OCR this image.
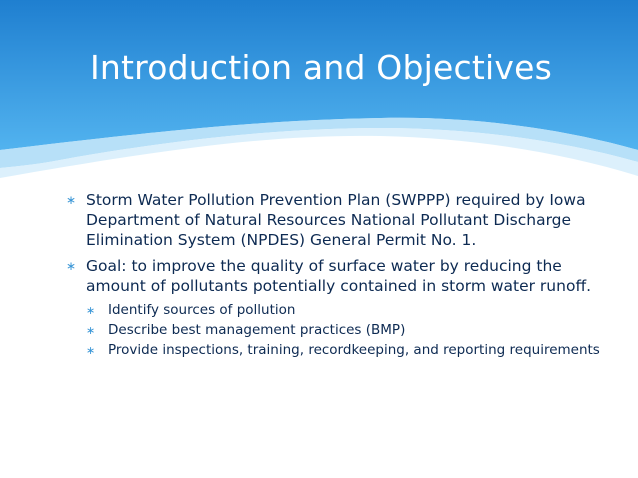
Introduction and Objectives
∗ Storm Water Pollution Prevention Plan (SWPPP) required by Iowa Department of Natural Resources National Pollutant Discharge Elimination System (NPDES) General Permit No. 1.
∗ Goal: to improve the quality of surface water by reducing the amount of pollutants potentially contained in storm water runoff.
∗ Identify sources of pollution
∗ Describe best management practices (BMP)
∗ Provide inspections, training, recordkeeping, and reporting requirements
